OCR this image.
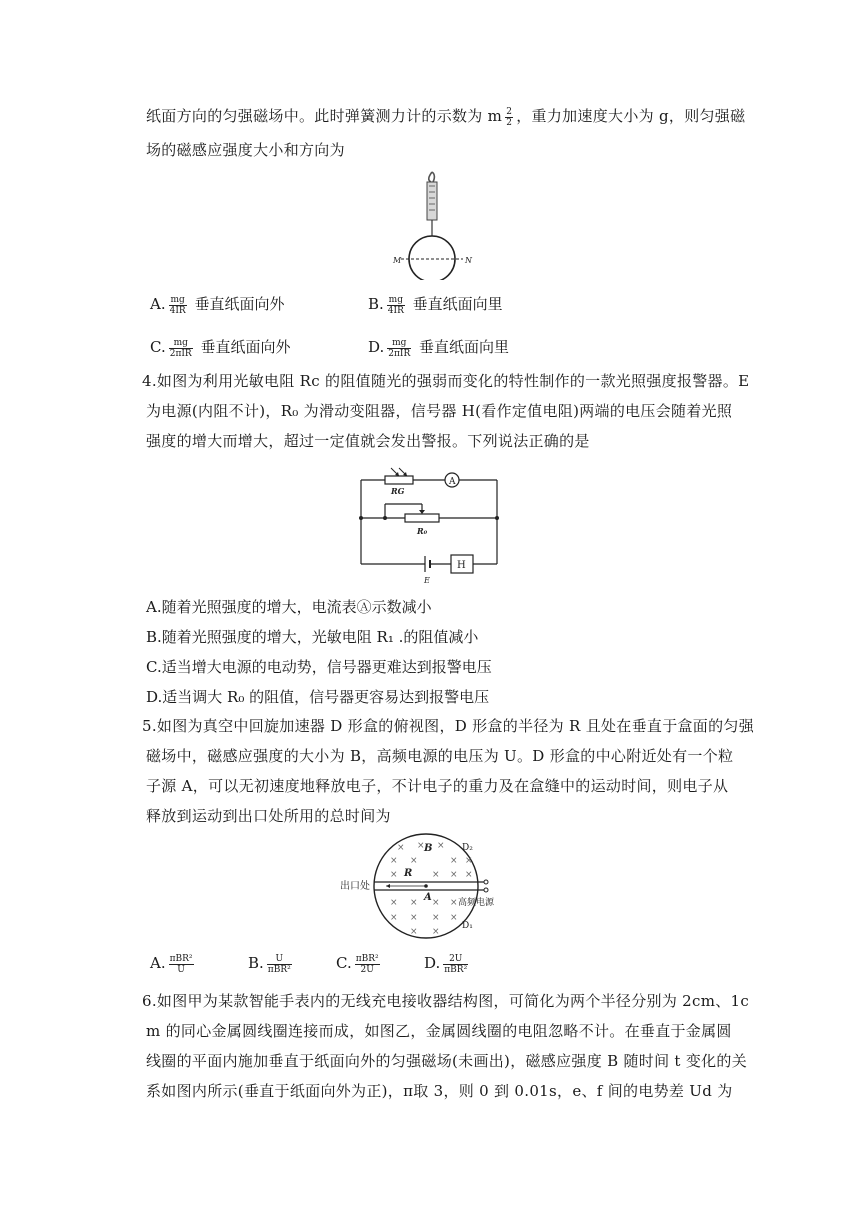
纸面方向的匀强磁场中。此时弹簧测力计的示数为 m $\frac{2}{2}$ ，重力加速度大小为 g，则匀强磁
场的磁感应强度大小和方向为
M	N
A. $\frac{mg}{4IR}$ 垂直纸面向外	B. $\frac{mg}{4IR}$ 垂直纸面向里
C. $\frac{mg}{\text{2πIR}}$ 垂直纸面向外	D. $\frac{mg}{\text{2πIR}}$ 垂直纸面向里
4.如图为利用光敏电阻 Rc 的阻值随光的强弱而变化的特性制作的一款光照强度报警器。E
为电源(内阻不计)，R₀ 为滑动变阻器，信号器 H(看作定值电阻)两端的电压会随着光照
强度的增大而增大，超过一定值就会发出警报。下列说法正确的是
A
RG
R₀
H
E
A.随着光照强度的增大，电流表Ⓐ示数减小
B.随着光照强度的增大，光敏电阻 R₁ .的阻值减小
C.适当增大电源的电动势，信号器更难达到报警电压
D.适当调大 R₀ 的阻值，信号器更容易达到报警电压
5.如图为真空中回旋加速器 D 形盒的俯视图，D 形盒的半径为 R 且处在垂直于盒面的匀强
磁场中，磁感应强度的大小为 B，高频电源的电压为 U。D 形盒的中心附近处有一个粒
子源 A，可以无初速度地释放电子，不计电子的重力及在盒缝中的运动时间，则电子从
释放到运动到出口处所用的总时间为
× × ×
× ×	× ×
×	× × ×
× × × ×
× × × ×
× ×
B
R
A
D₂
D₁
出口处
高频电源
A. $\frac{\text{πBR²}}{U}$	B. $\frac{U}{\text{πBR²}}$	C. $\frac{\text{πBR²}}{2U}$	D. $\frac{2U}{\text{πBR²}}$
6.如图甲为某款智能手表内的无线充电接收器结构图，可简化为两个半径分别为 2cm、1c
m 的同心金属圆线圈连接而成，如图乙，金属圆线圈的电阻忽略不计。在垂直于金属圆
线圈的平面内施加垂直于纸面向外的匀强磁场(未画出)，磁感应强度 B 随时间 t 变化的关
系如图内所示(垂直于纸面向外为正)，π取 3，则 0 到 0.01s，e、f 间的电势差 Ud 为
